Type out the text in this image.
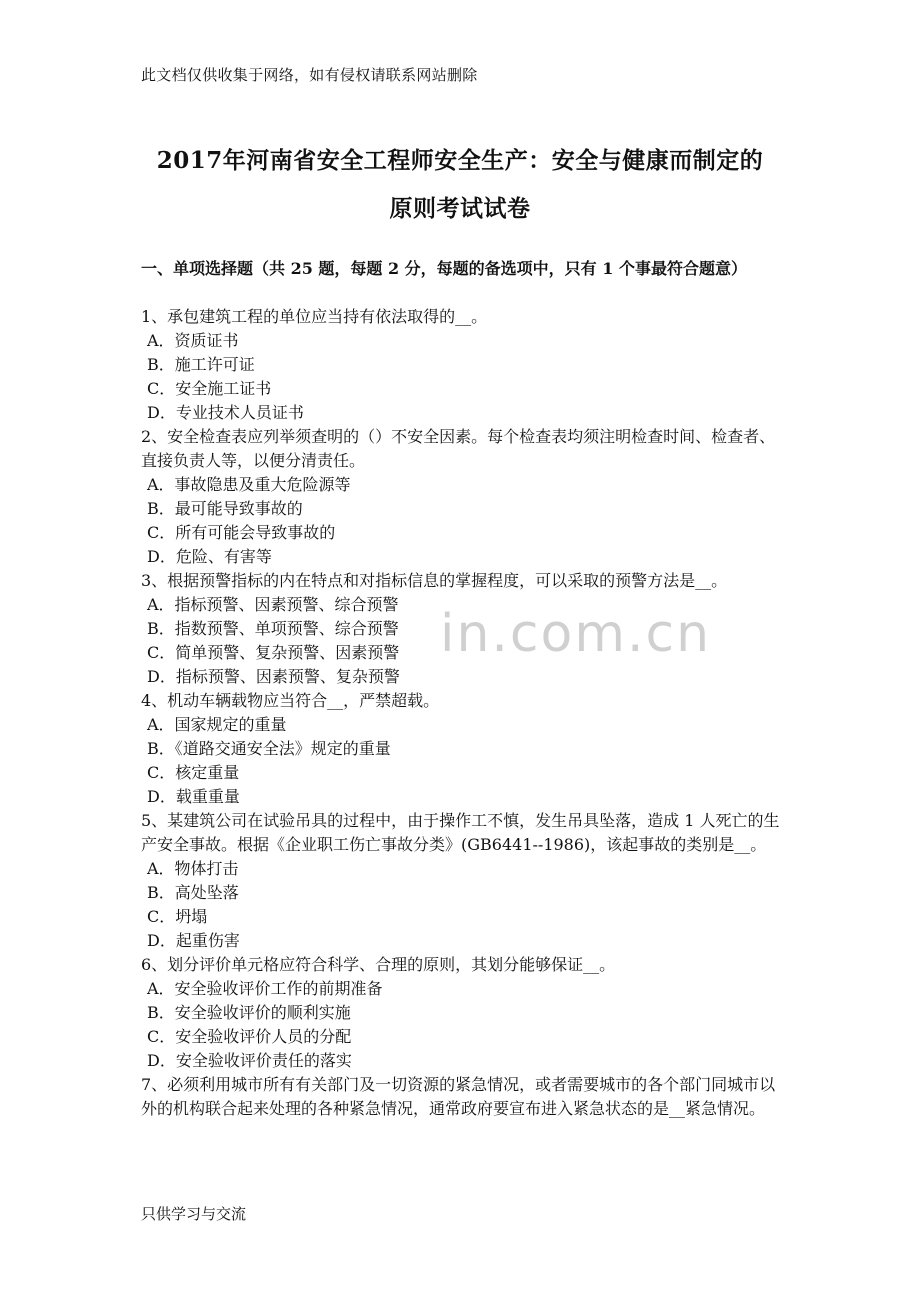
此文档仅供收集于网络，如有侵权请联系网站删除
2017年河南省安全工程师安全生产：安全与健康而制定的
原则考试试卷
一、单项选择题（共 25 题，每题 2 分，每题的备选项中，只有 1 个事最符合题意）

1、承包建筑工程的单位应当持有依法取得的__。

A．资质证书

B．施工许可证

C．安全施工证书

D．专业技术人员证书

2、安全检查表应列举须查明的（）不安全因素。每个检查表均须注明检查时间、检查者、直接负责人等，以便分清责任。

A．事故隐患及重大危险源等

B．最可能导致事故的

C．所有可能会导致事故的

D．危险、有害等

3、根据预警指标的内在特点和对指标信息的掌握程度，可以采取的预警方法是__。

A．指标预警、因素预警、综合预警

B．指数预警、单项预警、综合预警

C．简单预警、复杂预警、因素预警

D．指标预警、因素预警、复杂预警

4、机动车辆载物应当符合__，严禁超载。

A．国家规定的重量

B．《道路交通安全法》规定的重量

C．核定重量

D．载重重量

5、某建筑公司在试验吊具的过程中，由于操作工不慎，发生吊具坠落，造成 1 人死亡的生产安全事故。根据《企业职工伤亡事故分类》(GB6441--1986)，该起事故的类别是__。

A．物体打击

B．高处坠落

C．坍塌

D．起重伤害

6、划分评价单元格应符合科学、合理的原则，其划分能够保证__。

A．安全验收评价工作的前期准备

B．安全验收评价的顺利实施

C．安全验收评价人员的分配

D．安全验收评价责任的落实

7、必须利用城市所有有关部门及一切资源的紧急情况，或者需要城市的各个部门同城市以外的机构联合起来处理的各种紧急情况，通常政府要宣布进入紧急状态的是__紧急情况。

in.com.cn
只供学习与交流
